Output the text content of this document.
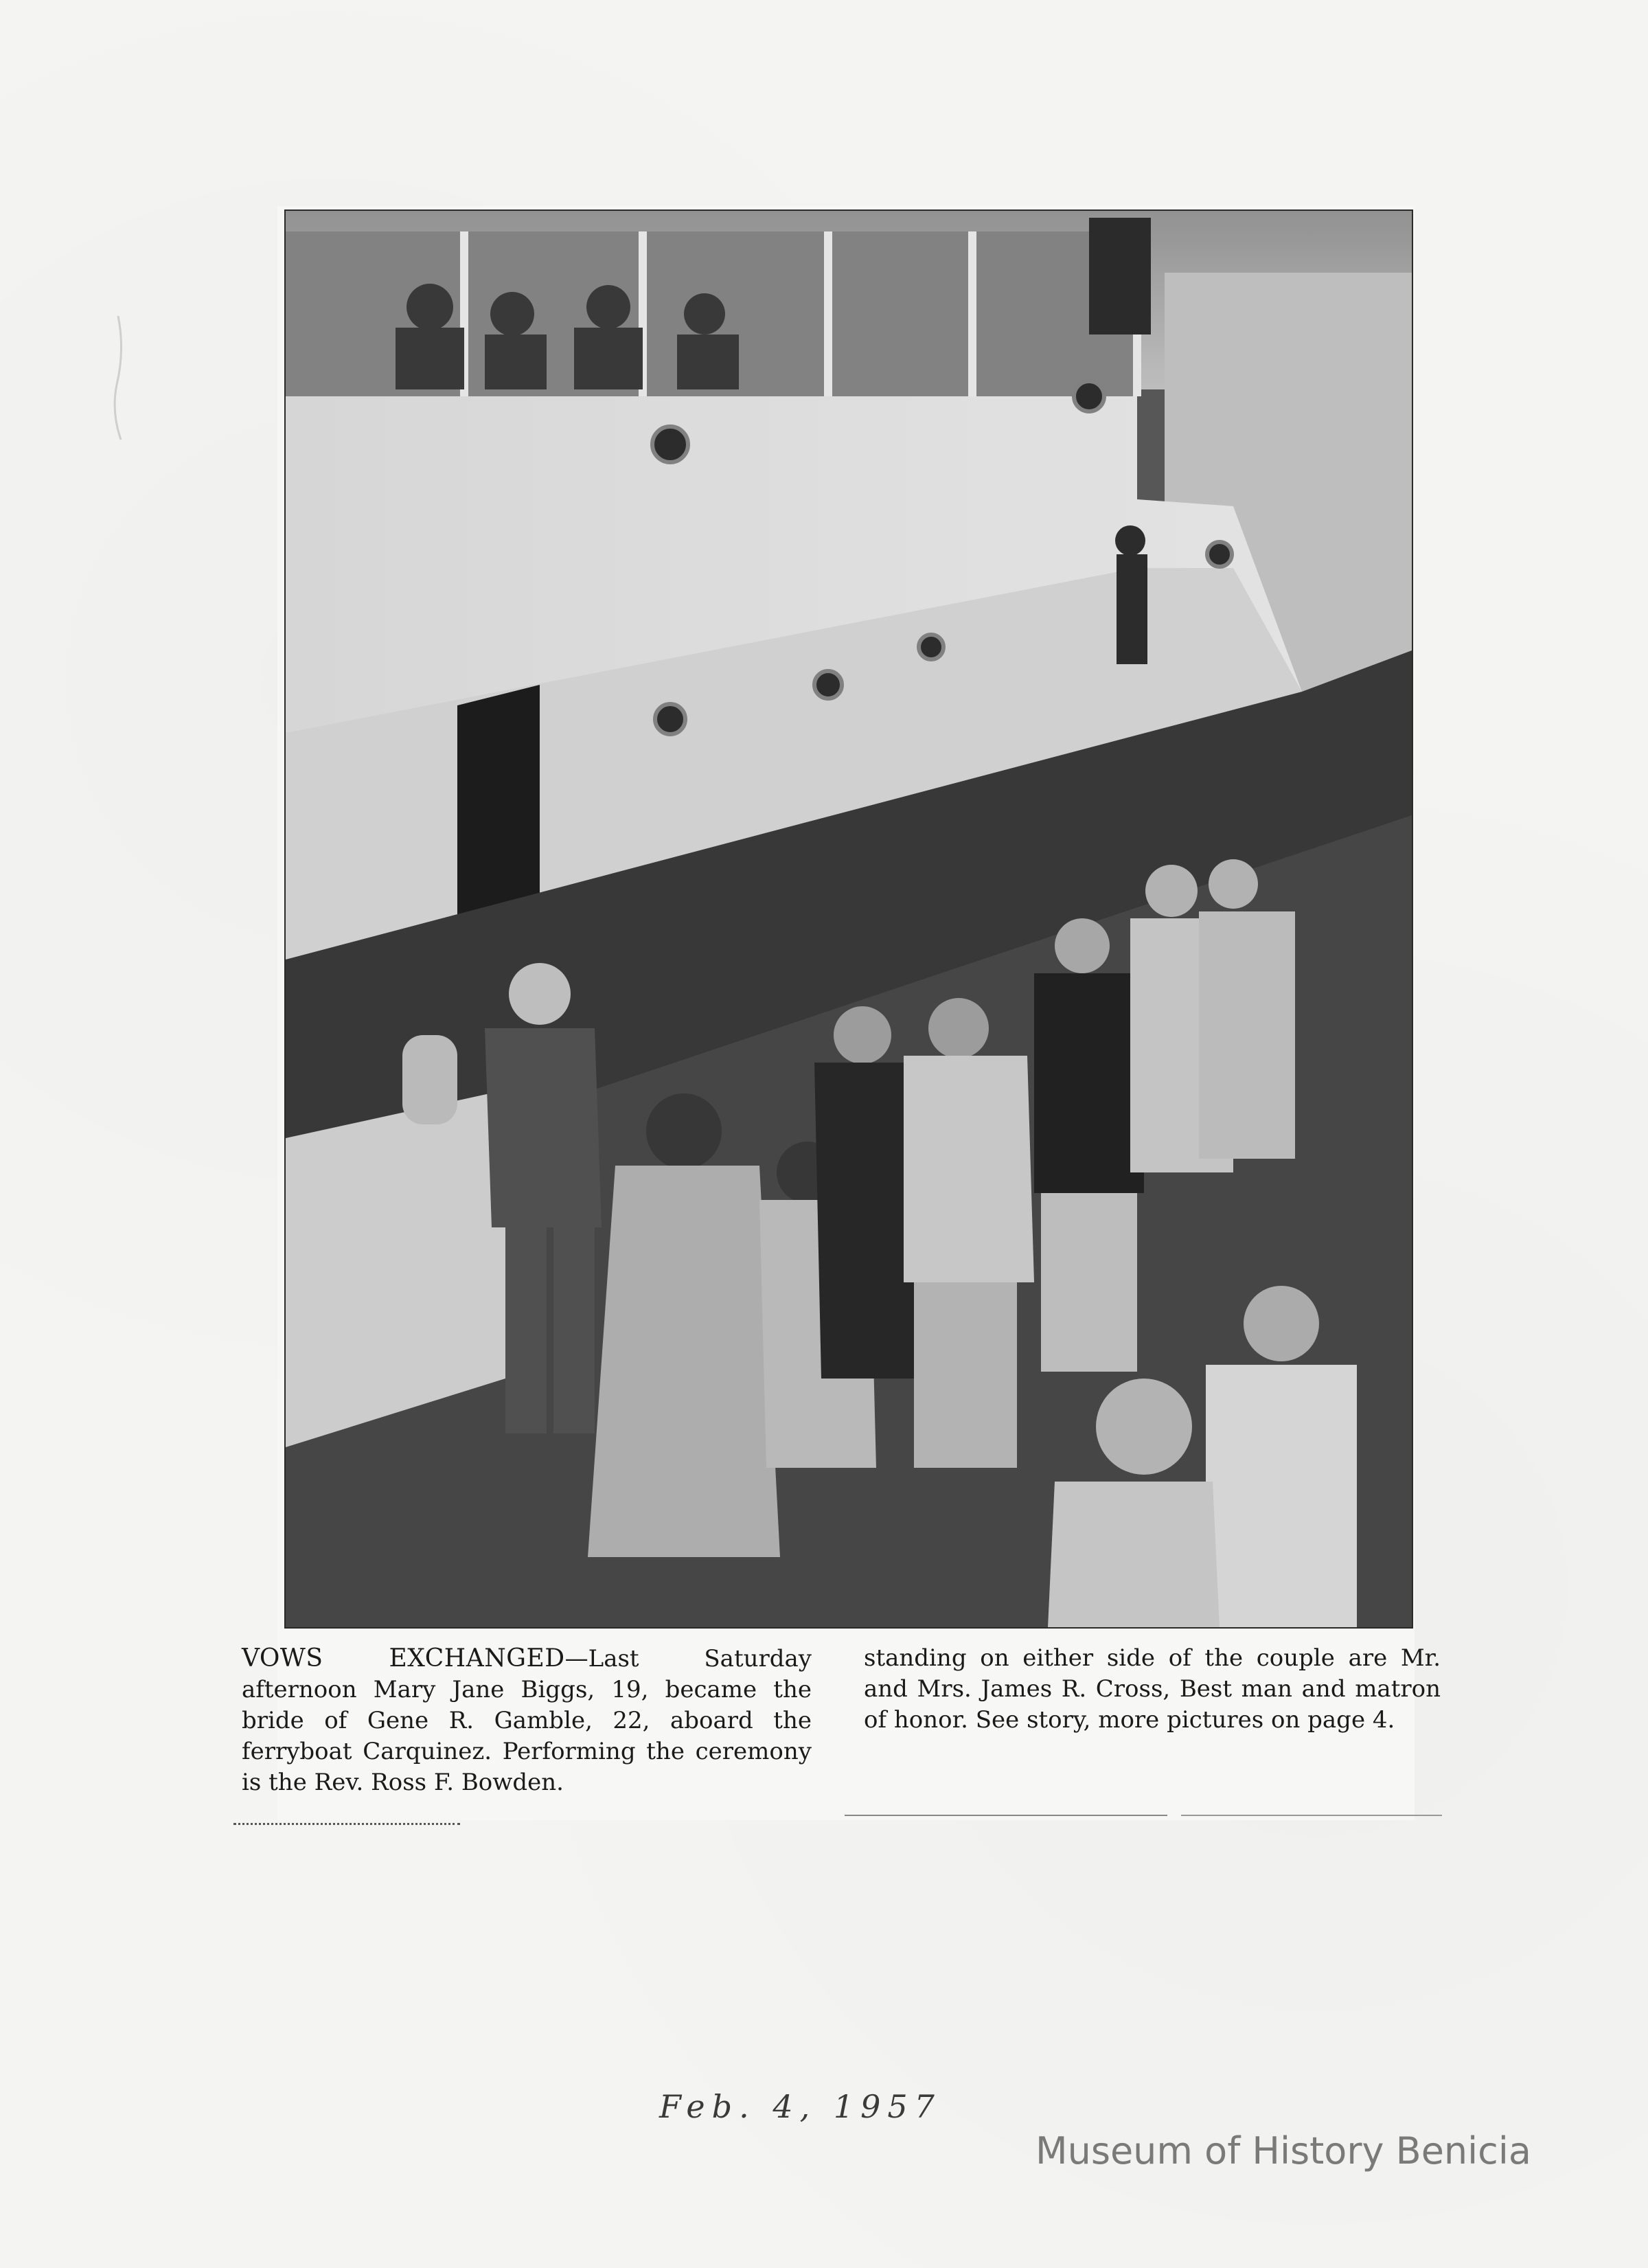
VOWS EXCHANGED—Last Saturday afternoon Mary Jane Biggs, 19, became the bride of Gene R. Gamble, 22, aboard the ferryboat Carquinez. Performing the ceremony is the Rev. Ross F. Bowden.

standing on either side of the couple are Mr. and Mrs. James R. Cross, Best man and matron of honor. See story, more pictures on page 4.

Feb. 4, 1957
Museum of History Benicia
